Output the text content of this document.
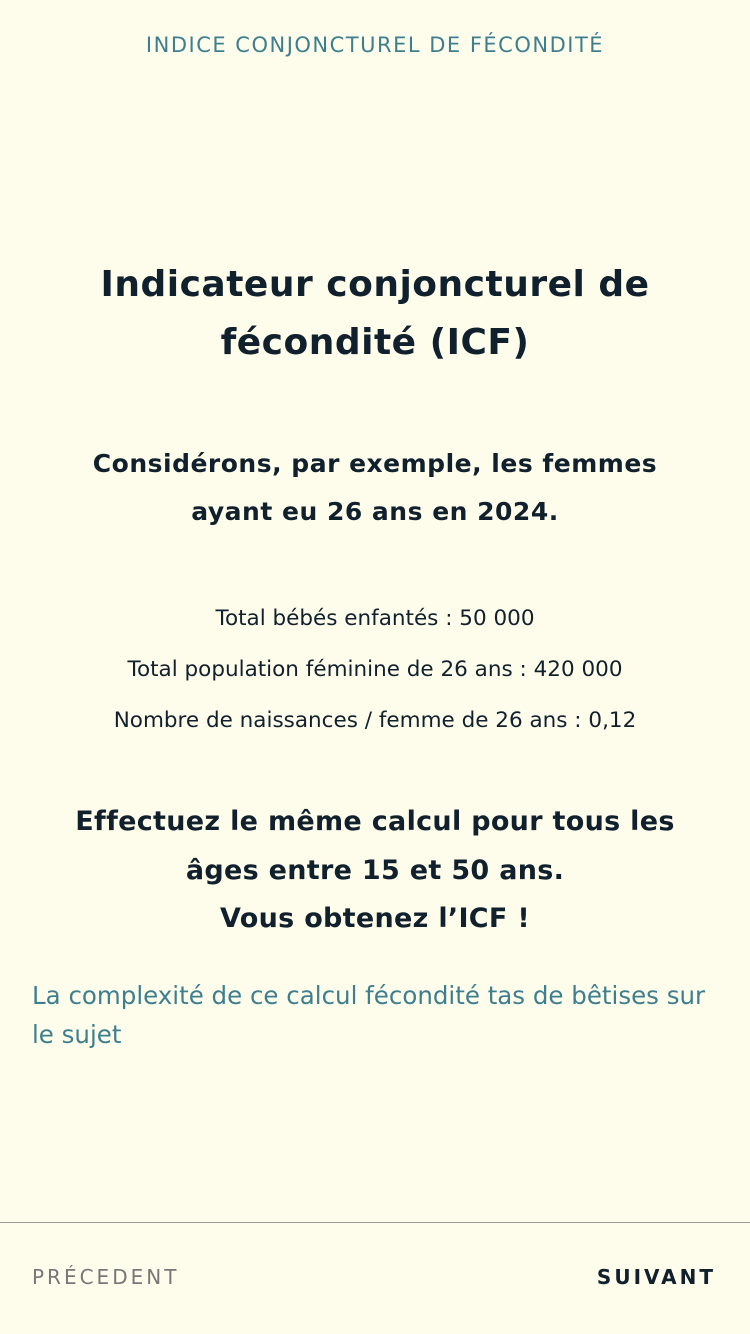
INDICE CONJONCTUREL DE FÉCONDITÉ
Indicateur conjoncturel de fécondité (ICF)
Considérons, par exemple, les femmes ayant eu 26 ans en 2024.
Total bébés enfantés : 50 000
Total population féminine de 26 ans : 420 000
Nombre de naissances / femme de 26 ans : 0,12
Effectuez le même calcul pour tous les
âges entre 15 et 50 ans.
Vous obtenez l’ICF !
La complexité de ce calcul fécondité tas de bêtises sur le sujet
PRÉCEDENT	SUIVANT
